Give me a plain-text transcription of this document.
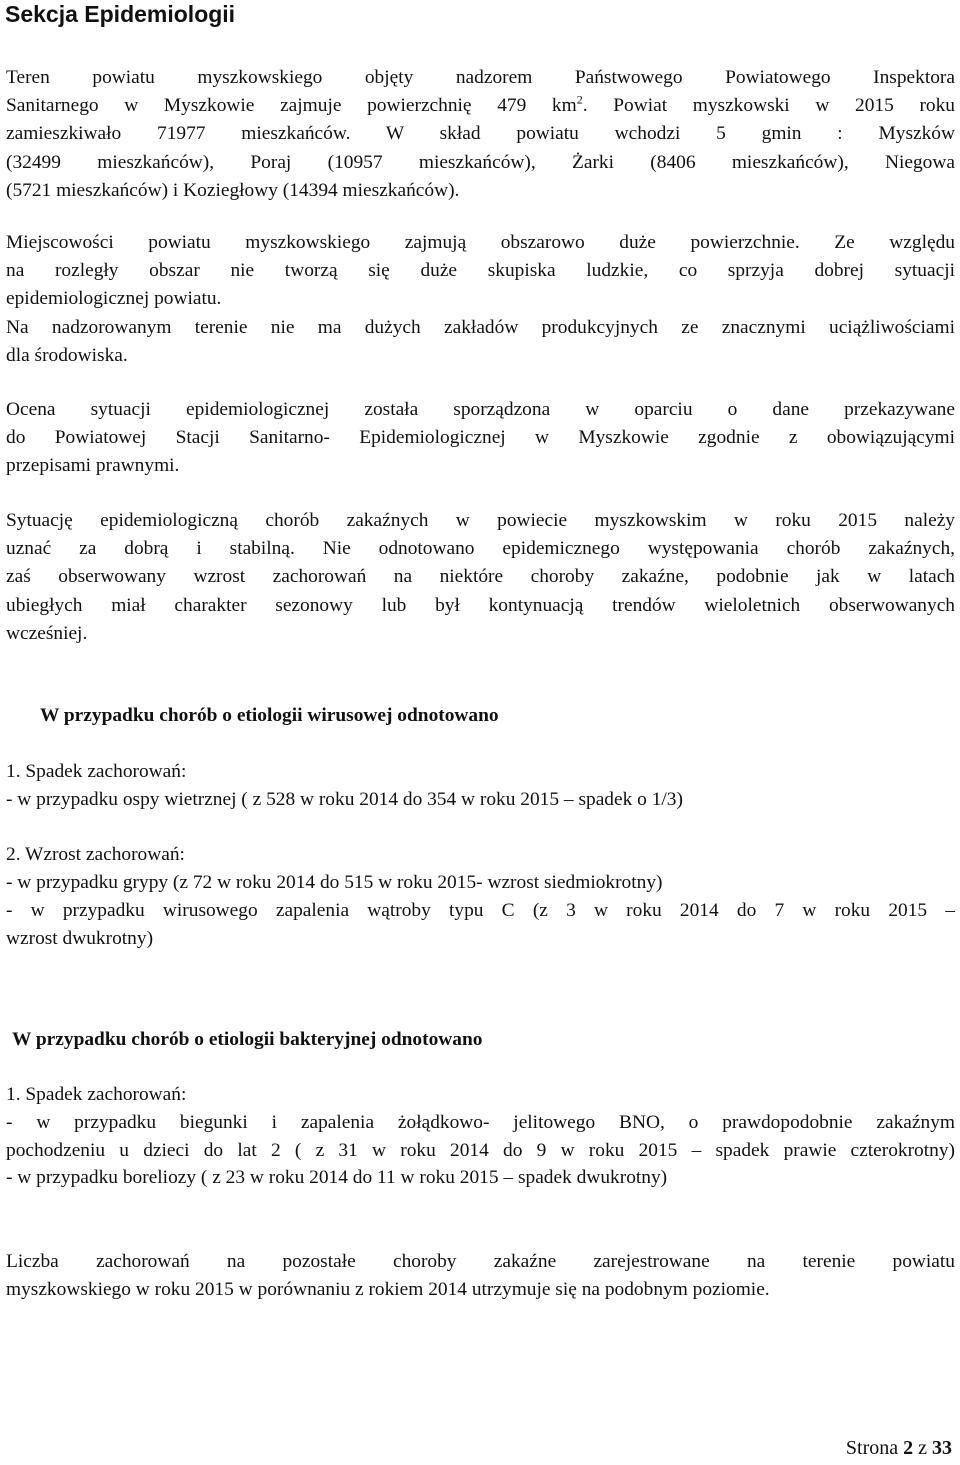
Sekcja Epidemiologii
Teren powiatu myszkowskiego objęty nadzorem Państwowego Powiatowego Inspektora
Sanitarnego w Myszkowie zajmuje powierzchnię 479 $km^2$. Powiat myszkowski w 2015 roku
zamieszkiwało 71977 mieszkańców. W skład powiatu wchodzi 5 gmin : Myszków
(32499 mieszkańców), Poraj (10957 mieszkańców), Żarki (8406 mieszkańców), Niegowa
(5721 mieszkańców) i Koziegłowy (14394 mieszkańców).
Miejscowości powiatu myszkowskiego zajmują obszarowo duże powierzchnie. Ze względu
na rozległy obszar nie tworzą się duże skupiska ludzkie, co sprzyja dobrej sytuacji
epidemiologicznej powiatu.
Na nadzorowanym terenie nie ma dużych zakładów produkcyjnych ze znacznymi uciążliwościami
dla środowiska.
Ocena sytuacji epidemiologicznej została sporządzona w oparciu o dane przekazywane
do Powiatowej Stacji Sanitarno- Epidemiologicznej w Myszkowie zgodnie z obowiązującymi
przepisami prawnymi.
Sytuację epidemiologiczną chorób zakaźnych w powiecie myszkowskim w roku 2015 należy
uznać za dobrą i stabilną. Nie odnotowano epidemicznego występowania chorób zakaźnych,
zaś obserwowany wzrost zachorowań na niektóre choroby zakaźne, podobnie jak w latach
ubiegłych miał charakter sezonowy lub był kontynuacją trendów wieloletnich obserwowanych
wcześniej.
W przypadku chorób o etiologii wirusowej odnotowano
1. Spadek zachorowań:
- w przypadku ospy wietrznej ( z 528 w roku 2014 do 354 w roku 2015 – spadek o 1/3)
2. Wzrost zachorowań:
- w przypadku grypy (z 72 w roku 2014 do 515 w roku 2015- wzrost siedmiokrotny)
- w przypadku wirusowego zapalenia wątroby typu C (z 3 w roku 2014 do 7 w roku 2015 –
wzrost dwukrotny)
W przypadku chorób o etiologii bakteryjnej odnotowano
1. Spadek zachorowań:
- w przypadku biegunki i zapalenia żołądkowo- jelitowego BNO, o prawdopodobnie zakaźnym
pochodzeniu u dzieci do lat 2 ( z 31 w roku 2014 do 9 w roku 2015 – spadek prawie czterokrotny)
- w przypadku boreliozy ( z 23 w roku 2014 do 11 w roku 2015 – spadek dwukrotny)
Liczba zachorowań na pozostałe choroby zakaźne zarejestrowane na terenie powiatu
myszkowskiego w roku 2015 w porównaniu z rokiem 2014 utrzymuje się na podobnym poziomie.
Strona 2 z 33
